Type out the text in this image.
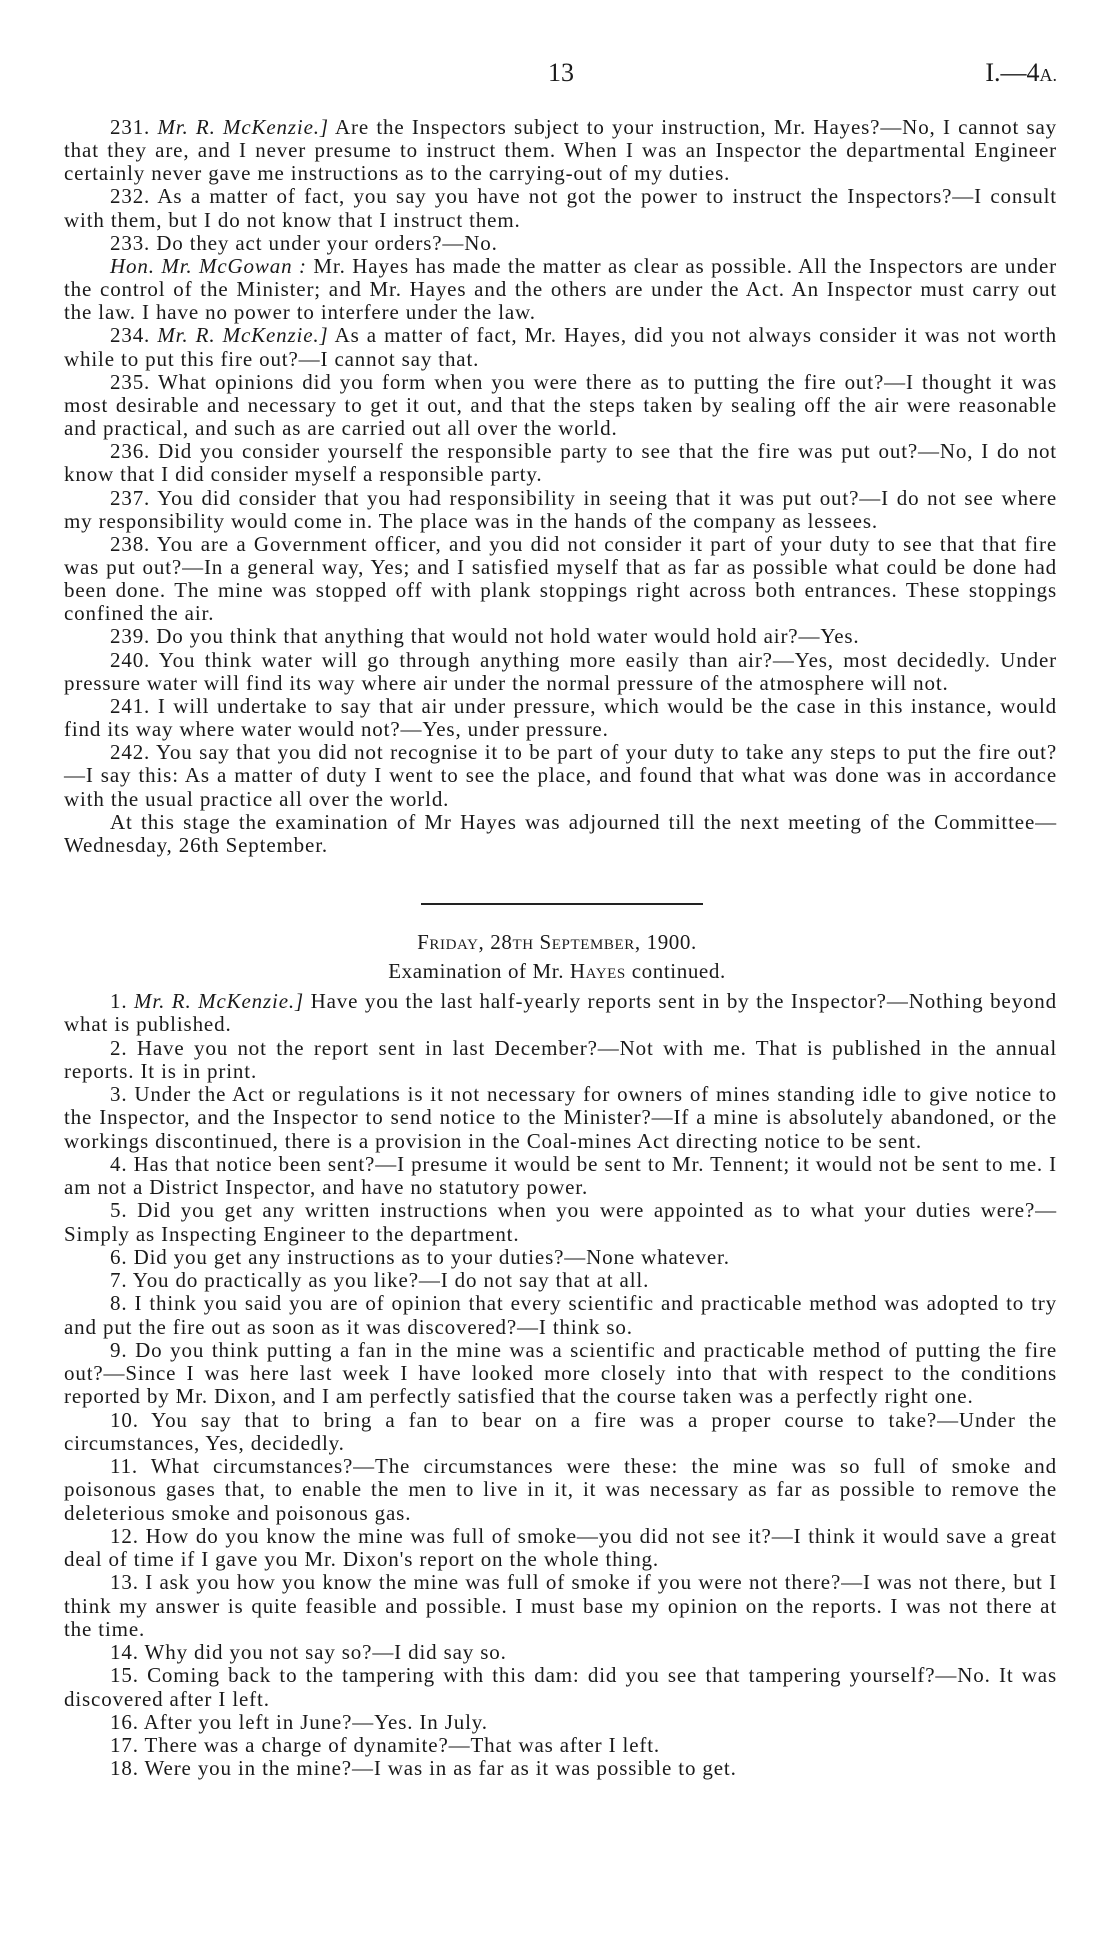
13	I.—4A.

231. Mr. R. McKenzie.] Are the Inspectors subject to your instruction, Mr. Hayes?—No, I cannot say that they are, and I never presume to instruct them. When I was an Inspector the departmental Engineer certainly never gave me instructions as to the carrying-out of my duties.

232. As a matter of fact, you say you have not got the power to instruct the Inspectors?—I consult with them, but I do not know that I instruct them.

233. Do they act under your orders?—No.

Hon. Mr. McGowan : Mr. Hayes has made the matter as clear as possible. All the Inspectors are under the control of the Minister; and Mr. Hayes and the others are under the Act. An Inspector must carry out the law. I have no power to interfere under the law.

234. Mr. R. McKenzie.] As a matter of fact, Mr. Hayes, did you not always consider it was not worth while to put this fire out?—I cannot say that.

235. What opinions did you form when you were there as to putting the fire out?—I thought it was most desirable and necessary to get it out, and that the steps taken by sealing off the air were reasonable and practical, and such as are carried out all over the world.

236. Did you consider yourself the responsible party to see that the fire was put out?—No, I do not know that I did consider myself a responsible party.

237. You did consider that you had responsibility in seeing that it was put out?—I do not see where my responsibility would come in. The place was in the hands of the company as lessees.

238. You are a Government officer, and you did not consider it part of your duty to see that that fire was put out?—In a general way, Yes; and I satisfied myself that as far as possible what could be done had been done. The mine was stopped off with plank stoppings right across both entrances. These stoppings confined the air.

239. Do you think that anything that would not hold water would hold air?—Yes.

240. You think water will go through anything more easily than air?—Yes, most decidedly. Under pressure water will find its way where air under the normal pressure of the atmosphere will not.

241. I will undertake to say that air under pressure, which would be the case in this instance, would find its way where water would not?—Yes, under pressure.

242. You say that you did not recognise it to be part of your duty to take any steps to put the fire out?—I say this: As a matter of duty I went to see the place, and found that what was done was in accordance with the usual practice all over the world.

At this stage the examination of Mr Hayes was adjourned till the next meeting of the Committee—Wednesday, 26th September.

Friday, 28th September, 1900.
Examination of Mr. Hayes continued.

1. Mr. R. McKenzie.] Have you the last half-yearly reports sent in by the Inspector?—Nothing beyond what is published.

2. Have you not the report sent in last December?—Not with me. That is published in the annual reports. It is in print.

3. Under the Act or regulations is it not necessary for owners of mines standing idle to give notice to the Inspector, and the Inspector to send notice to the Minister?—If a mine is absolutely abandoned, or the workings discontinued, there is a provision in the Coal-mines Act directing notice to be sent.

4. Has that notice been sent?—I presume it would be sent to Mr. Tennent; it would not be sent to me. I am not a District Inspector, and have no statutory power.

5. Did you get any written instructions when you were appointed as to what your duties were?—Simply as Inspecting Engineer to the department.

6. Did you get any instructions as to your duties?—None whatever.

7. You do practically as you like?—I do not say that at all.

8. I think you said you are of opinion that every scientific and practicable method was adopted to try and put the fire out as soon as it was discovered?—I think so.

9. Do you think putting a fan in the mine was a scientific and practicable method of putting the fire out?—Since I was here last week I have looked more closely into that with respect to the conditions reported by Mr. Dixon, and I am perfectly satisfied that the course taken was a perfectly right one.

10. You say that to bring a fan to bear on a fire was a proper course to take?—Under the circumstances, Yes, decidedly.

11. What circumstances?—The circumstances were these: the mine was so full of smoke and poisonous gases that, to enable the men to live in it, it was necessary as far as possible to remove the deleterious smoke and poisonous gas.

12. How do you know the mine was full of smoke—you did not see it?—I think it would save a great deal of time if I gave you Mr. Dixon's report on the whole thing.

13. I ask you how you know the mine was full of smoke if you were not there?—I was not there, but I think my answer is quite feasible and possible. I must base my opinion on the reports. I was not there at the time.

14. Why did you not say so?—I did say so.

15. Coming back to the tampering with this dam: did you see that tampering yourself?—No. It was discovered after I left.

16. After you left in June?—Yes. In July.

17. There was a charge of dynamite?—That was after I left.

18. Were you in the mine?—I was in as far as it was possible to get.
